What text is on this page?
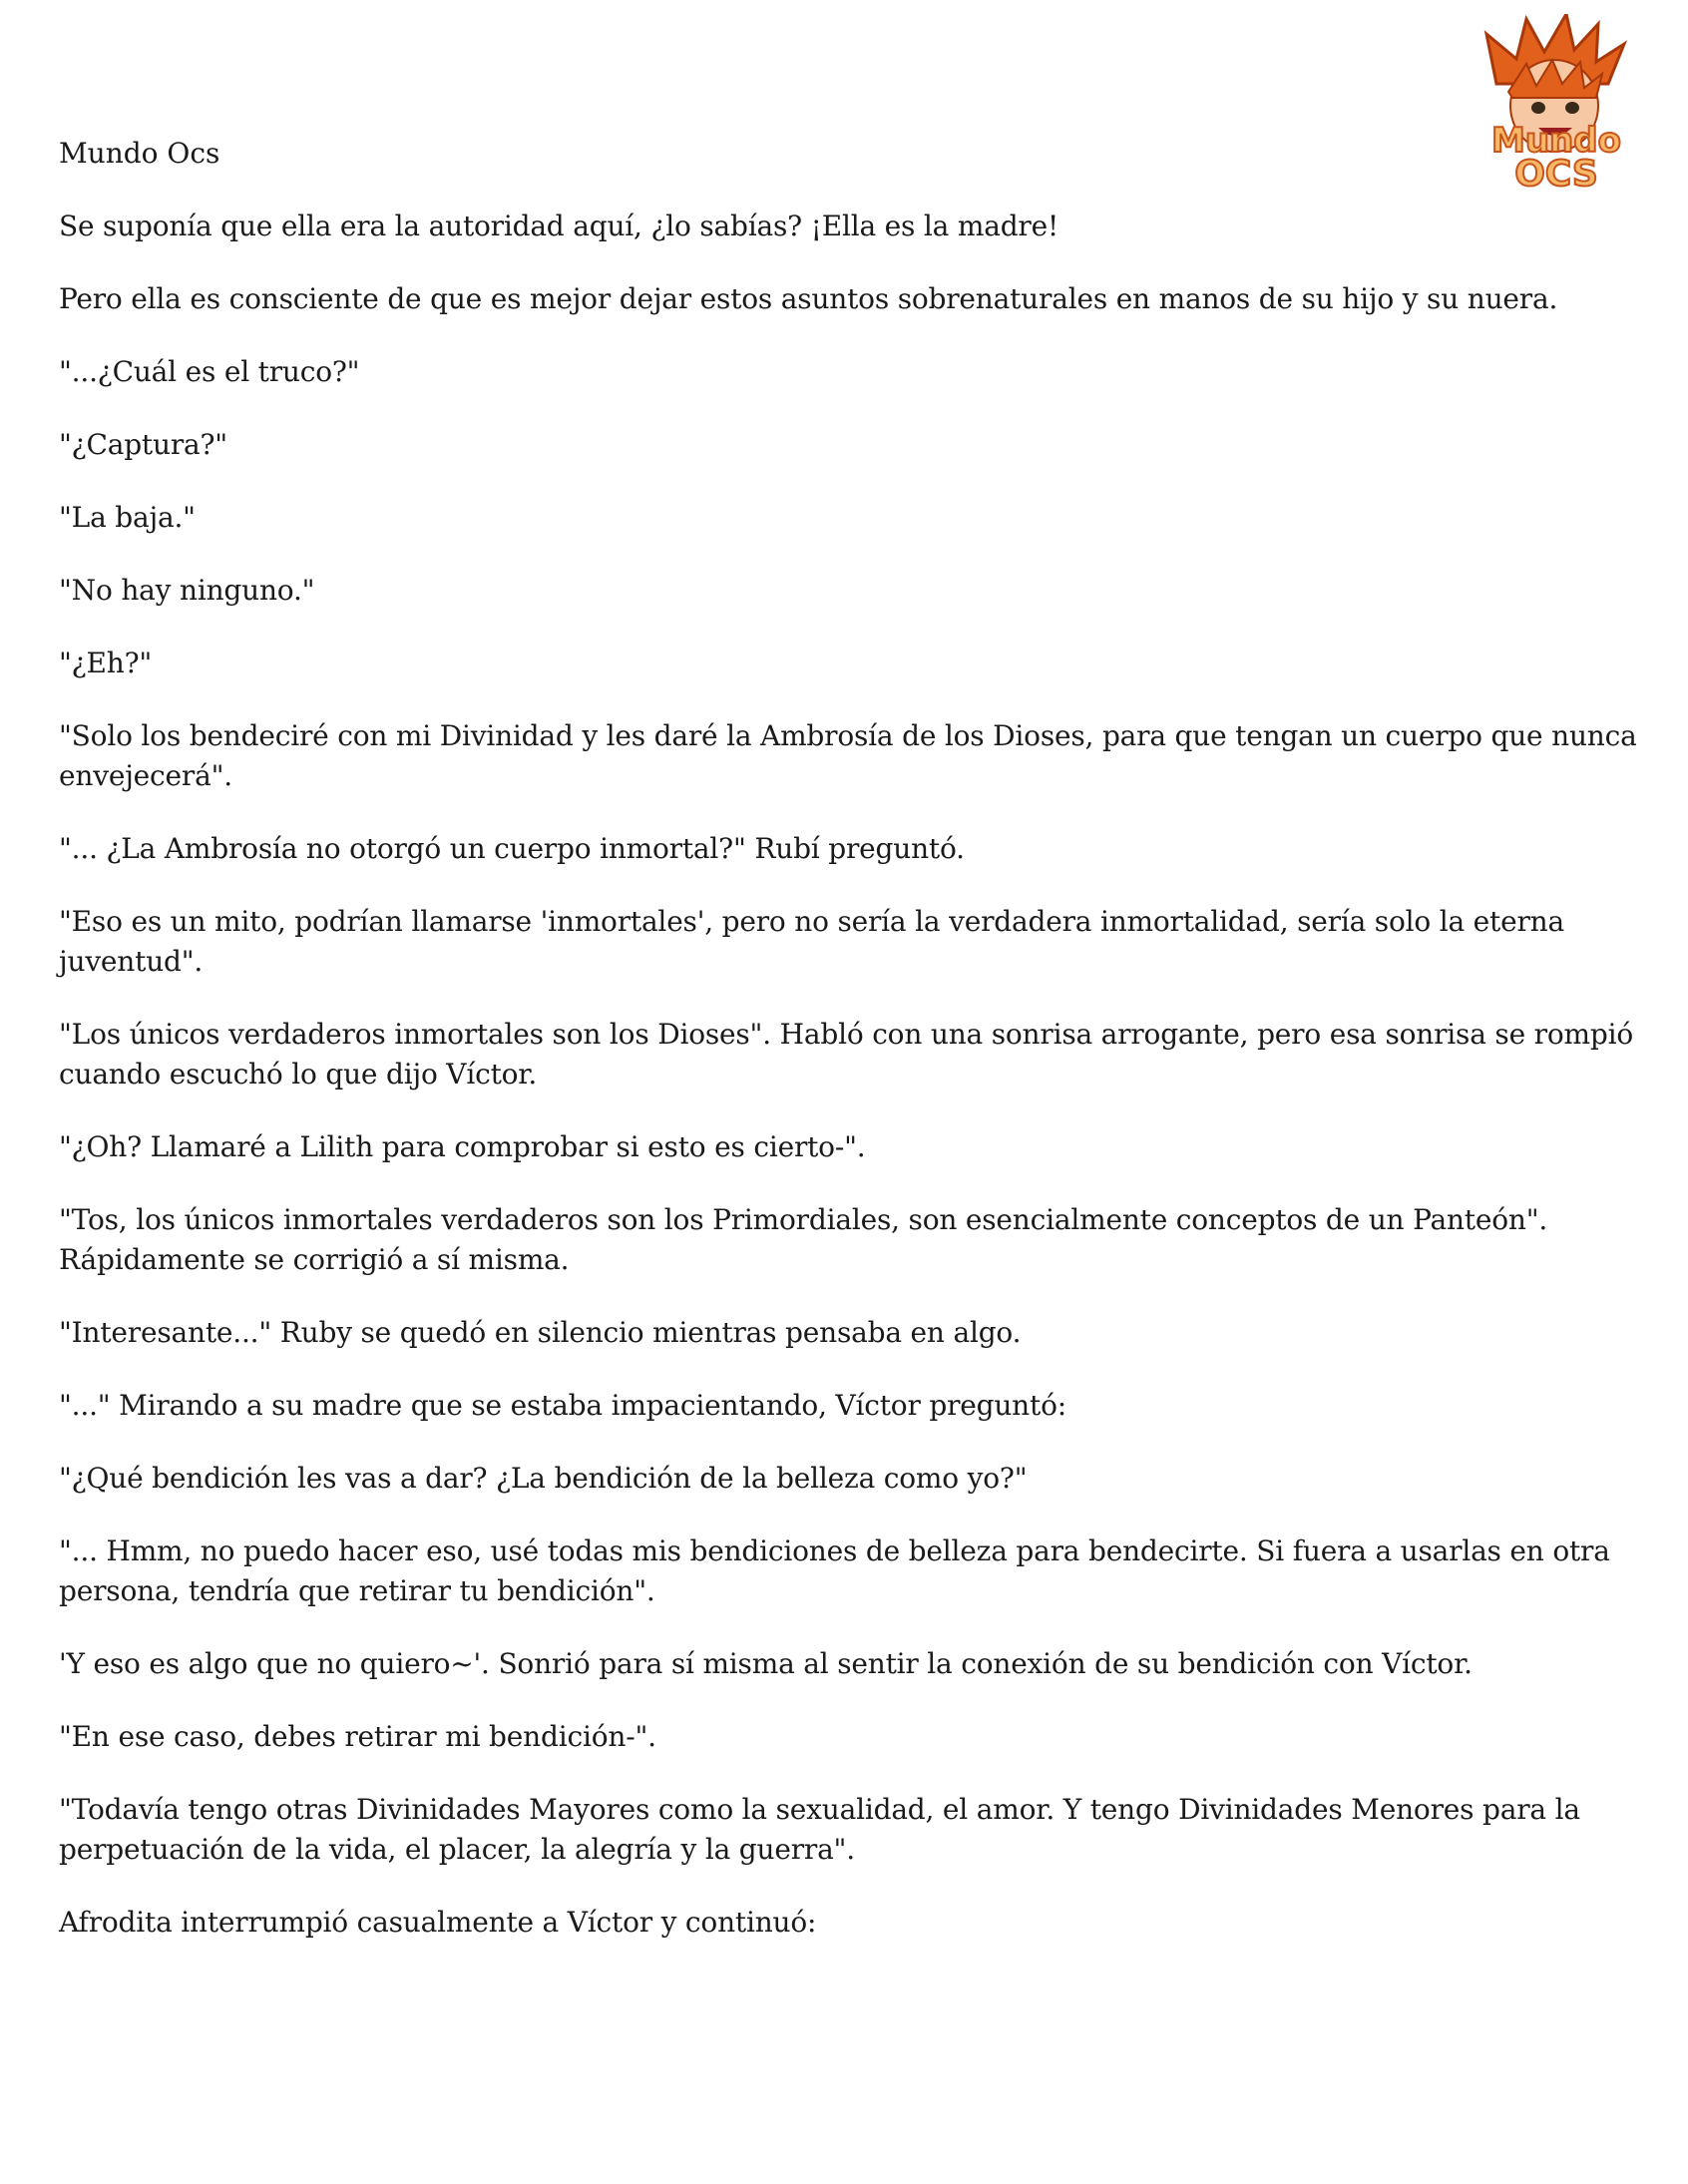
Mundo
OCS
Mundo Ocs

Se suponía que ella era la autoridad aquí, ¿lo sabías? ¡Ella es la madre!

Pero ella es consciente de que es mejor dejar estos asuntos sobrenaturales en manos de su hijo y su nuera.

"...¿Cuál es el truco?"

"¿Captura?"

"La baja."

"No hay ninguno."

"¿Eh?"

"Solo los bendeciré con mi Divinidad y les daré la Ambrosía de los Dioses, para que tengan un cuerpo que nunca envejecerá".

"... ¿La Ambrosía no otorgó un cuerpo inmortal?" Rubí preguntó.

"Eso es un mito, podrían llamarse 'inmortales', pero no sería la verdadera inmortalidad, sería solo la eterna juventud".

"Los únicos verdaderos inmortales son los Dioses". Habló con una sonrisa arrogante, pero esa sonrisa se rompió cuando escuchó lo que dijo Víctor.

"¿Oh? Llamaré a Lilith para comprobar si esto es cierto-".

"Tos, los únicos inmortales verdaderos son los Primordiales, son esencialmente conceptos de un Panteón". Rápidamente se corrigió a sí misma.

"Interesante..." Ruby se quedó en silencio mientras pensaba en algo.

"..." Mirando a su madre que se estaba impacientando, Víctor preguntó:

"¿Qué bendición les vas a dar? ¿La bendición de la belleza como yo?"

"... Hmm, no puedo hacer eso, usé todas mis bendiciones de belleza para bendecirte. Si fuera a usarlas en otra persona, tendría que retirar tu bendición".

'Y eso es algo que no quiero~'. Sonrió para sí misma al sentir la conexión de su bendición con Víctor.

"En ese caso, debes retirar mi bendición-".

"Todavía tengo otras Divinidades Mayores como la sexualidad, el amor. Y tengo Divinidades Menores para la perpetuación de la vida, el placer, la alegría y la guerra".

Afrodita interrumpió casualmente a Víctor y continuó:
